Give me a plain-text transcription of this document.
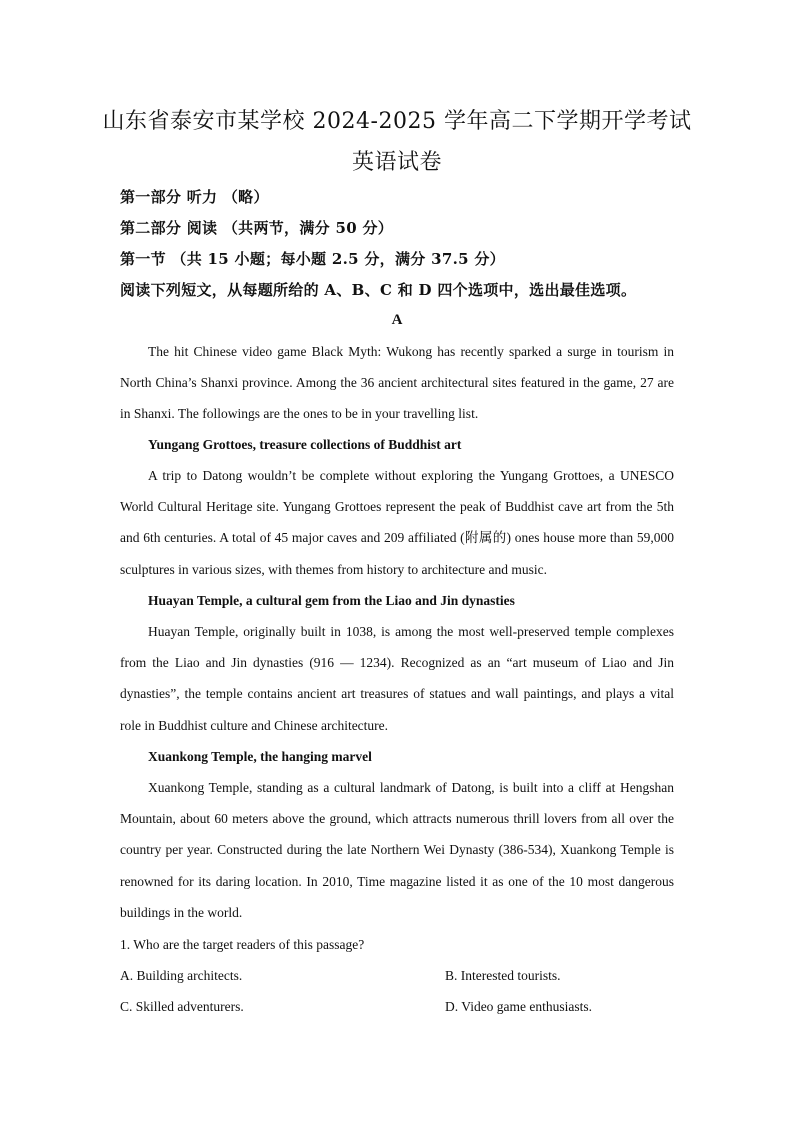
山东省泰安市某学校 2024-2025 学年高二下学期开学考试
英语试卷
第一部分 听力 （略）
第二部分 阅读 （共两节，满分 50 分）
第一节 （共 15 小题；每小题 2.5 分，满分 37.5 分）
阅读下列短文，从每题所给的 A、B、C 和 D 四个选项中，选出最佳选项。
A
The hit Chinese video game Black Myth: Wukong has recently sparked a surge in tourism in North China’s Shanxi province. Among the 36 ancient architectural sites featured in the game, 27 are in Shanxi. The followings are the ones to be in your travelling list.
Yungang Grottoes, treasure collections of Buddhist art
A trip to Datong wouldn’t be complete without exploring the Yungang Grottoes, a UNESCO World Cultural Heritage site. Yungang Grottoes represent the peak of Buddhist cave art from the 5th and 6th centuries. A total of 45 major caves and 209 affiliated (附属的) ones house more than 59,000 sculptures in various sizes, with themes from history to architecture and music.
Huayan Temple, a cultural gem from the Liao and Jin dynasties
Huayan Temple, originally built in 1038, is among the most well-preserved temple complexes from the Liao and Jin dynasties (916 — 1234). Recognized as an “art museum of Liao and Jin dynasties”, the temple contains ancient art treasures of statues and wall paintings, and plays a vital role in Buddhist culture and Chinese architecture.
Xuankong Temple, the hanging marvel
Xuankong Temple, standing as a cultural landmark of Datong, is built into a cliff at Hengshan Mountain, about 60 meters above the ground, which attracts numerous thrill lovers from all over the country per year. Constructed during the late Northern Wei Dynasty (386-534), Xuankong Temple is renowned for its daring location. In 2010, Time magazine listed it as one of the 10 most dangerous buildings in the world.
1. Who are the target readers of this passage?
A. Building architects.	B. Interested tourists.
C. Skilled adventurers.	D. Video game enthusiasts.
